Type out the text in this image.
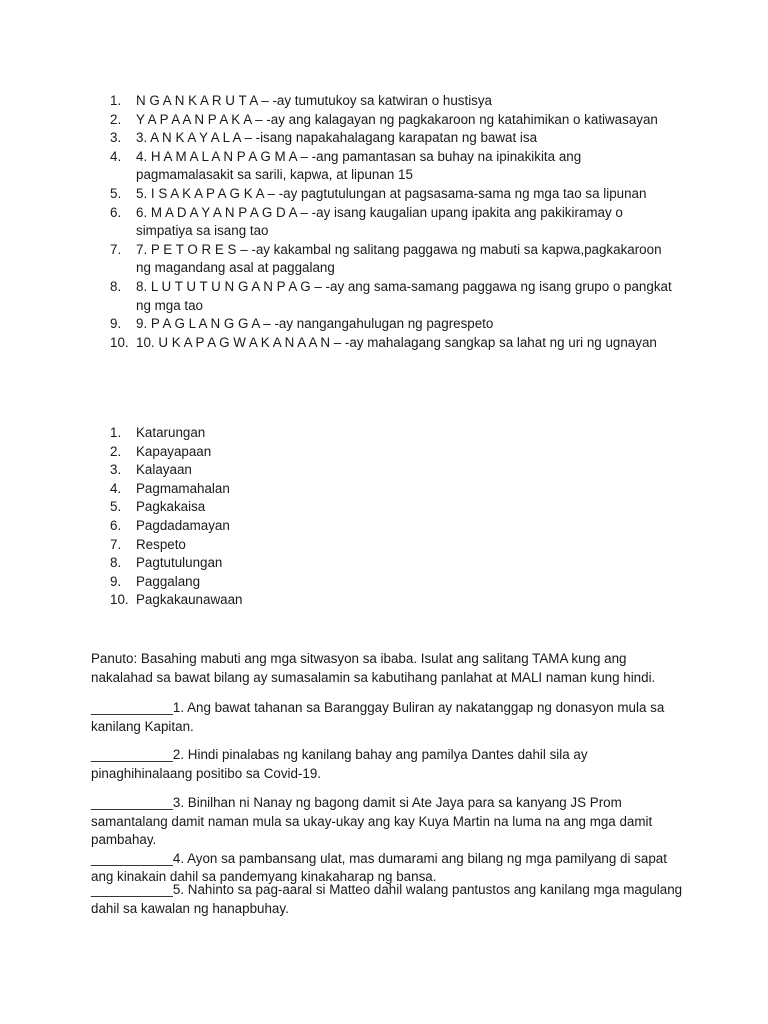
1. N G A N K A R U T A – -ay tumutukoy sa katwiran o hustisya
2. Y A P A A N P A K A – -ay ang kalagayan ng pagkakaroon ng katahimikan o katiwasayan
3. 3. A N K A Y A L A – -isang napakahalagang karapatan ng bawat isa
4. 4. H A M A L A N P A G M A – -ang pamantasan sa buhay na ipinakikita ang pagmamalasakit sa sarili, kapwa, at lipunan 15
5. 5. I S A K A P A G K A – -ay pagtutulungan at pagsasama-sama ng mga tao sa lipunan
6. 6. M A D A Y A N P A G D A – -ay isang kaugalian upang ipakita ang pakikiramay o simpatiya sa isang tao
7. 7. P E T O R E S – -ay kakambal ng salitang paggawa ng mabuti sa kapwa,pagkakaroon ng magandang asal at paggalang
8. 8. L U T U T U N G A N P A G – -ay ang sama-samang paggawa ng isang grupo o pangkat ng mga tao
9. 9. P A G L A N G G A – -ay nangangahulugan ng pagrespeto
10. 10. U K A P A G W A K A N A A N – -ay mahalagang sangkap sa lahat ng uri ng ugnayan
1. Katarungan
2. Kapayapaan
3. Kalayaan
4. Pagmamahalan
5. Pagkakaisa
6. Pagdadamayan
7. Respeto
8. Pagtutulungan
9. Paggalang
10. Pagkakaunawaan

Panuto: Basahing mabuti ang mga sitwasyon sa ibaba. Isulat ang salitang TAMA kung ang nakalahad sa bawat bilang ay sumasalamin sa kabutihang panlahat at MALI naman kung hindi.

___________1. Ang bawat tahanan sa Baranggay Buliran ay nakatanggap ng donasyon mula sa kanilang Kapitan.

___________2. Hindi pinalabas ng kanilang bahay ang pamilya Dantes dahil sila ay pinaghihinalaang positibo sa Covid-19.

___________3. Binilhan ni Nanay ng bagong damit si Ate Jaya para sa kanyang JS Prom samantalang damit naman mula sa ukay-ukay ang kay Kuya Martin na luma na ang mga damit pambahay.
___________4. Ayon sa pambansang ulat, mas dumarami ang bilang ng mga pamilyang di sapat ang kinakain dahil sa pandemyang kinakaharap ng bansa.

___________5. Nahinto sa pag-aaral si Matteo dahil walang pantustos ang kanilang mga magulang dahil sa kawalan ng hanapbuhay.
